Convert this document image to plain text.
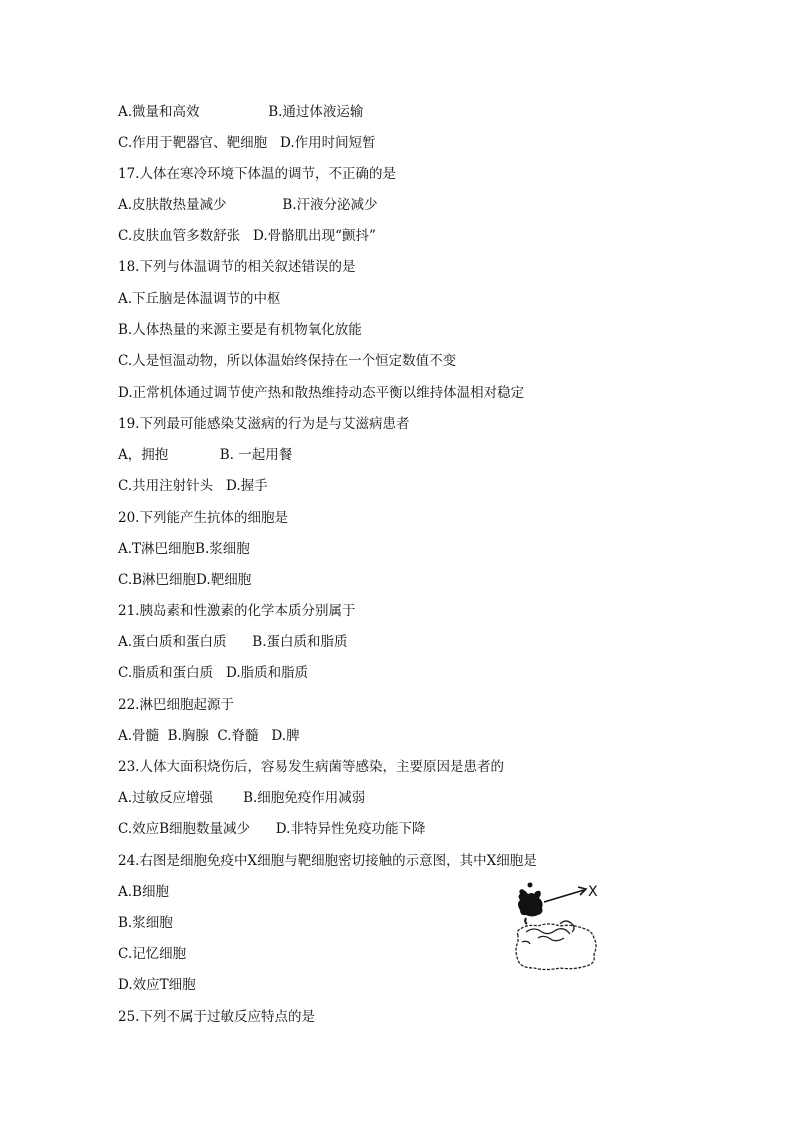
A.微量和高效                B.通过体液运输
C.作用于靶器官、靶细胞   D.作用时间短暂
17.人体在寒冷环境下体温的调节，不正确的是
A.皮肤散热量减少             B.汗液分泌减少
C.皮肤血管多数舒张   D.骨骼肌出现“颤抖”
18.下列与体温调节的相关叙述错误的是
A.下丘脑是体温调节的中枢
B.人体热量的来源主要是有机物氧化放能
C.人是恒温动物，所以体温始终保持在一个恒定数值不变
D.正常机体通过调节使产热和散热维持动态平衡以维持体温相对稳定
19.下列最可能感染艾滋病的行为是与艾滋病患者
A，拥抱            B. 一起用餐
C.共用注射针头   D.握手
20.下列能产生抗体的细胞是
A.T淋巴细胞B.浆细胞
C.B淋巴细胞D.靶细胞
21.胰岛素和性激素的化学本质分别属于
A.蛋白质和蛋白质      B.蛋白质和脂质
C.脂质和蛋白质   D.脂质和脂质
22.淋巴细胞起源于
A.骨髓  B.胸腺  C.脊髓   D.脾
23.人体大面积烧伤后，容易发生病菌等感染，主要原因是患者的
A.过敏反应增强       B.细胞免疫作用减弱
C.效应B细胞数量减少      D.非特异性免疫功能下降
24.右图是细胞免疫中X细胞与靶细胞密切接触的示意图，其中X细胞是
A.B细胞
B.浆细胞
C.记忆细胞
D.效应T细胞
25.下列不属于过敏反应特点的是
X
